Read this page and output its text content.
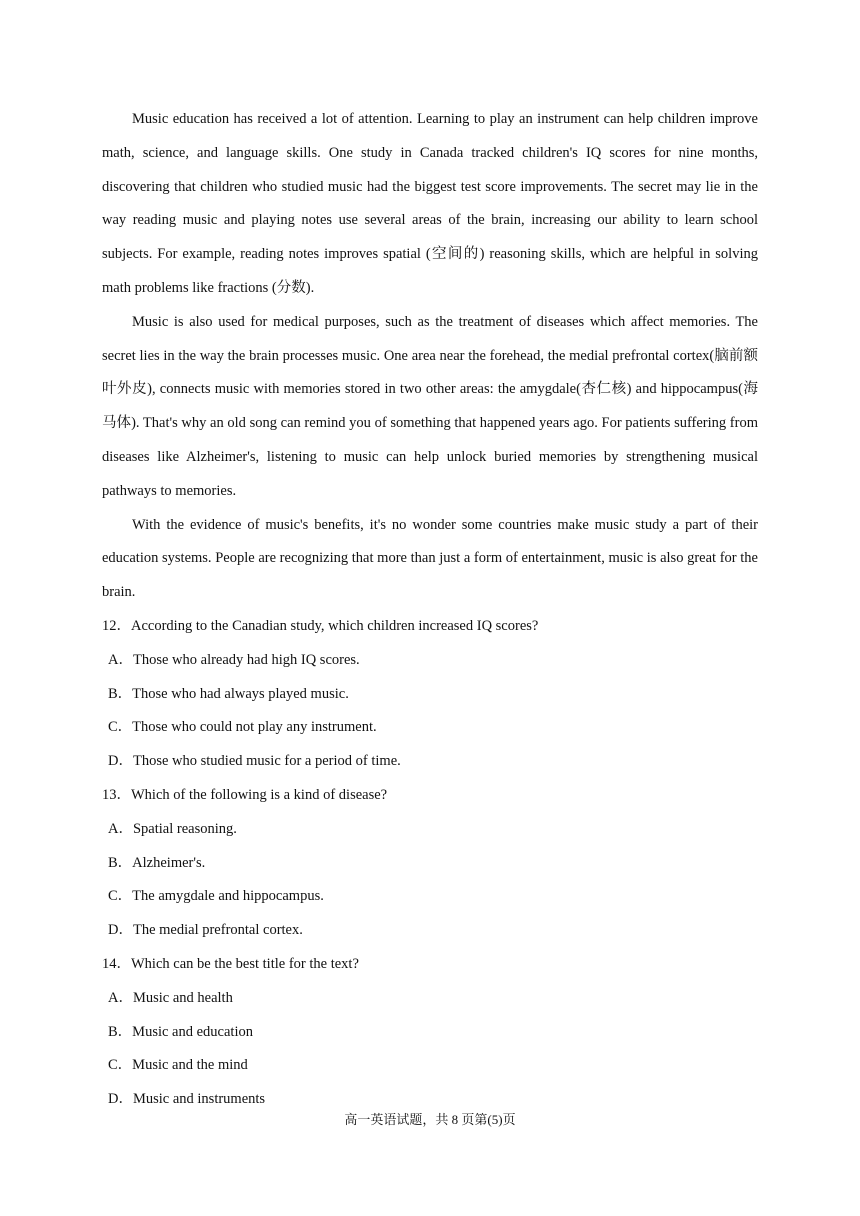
Music education has received a lot of attention. Learning to play an instrument can help children improve math, science, and language skills. One study in Canada tracked children's IQ scores for nine months, discovering that children who studied music had the biggest test score improvements. The secret may lie in the way reading music and playing notes use several areas of the brain, increasing our ability to learn school subjects. For example, reading notes improves spatial (空间的) reasoning skills, which are helpful in solving math problems like fractions (分数).

Music is also used for medical purposes, such as the treatment of diseases which affect memories. The secret lies in the way the brain processes music. One area near the forehead, the medial prefrontal cortex(脑前额叶外皮), connects music with memories stored in two other areas: the amygdale(杏仁核) and hippocampus(海马体). That's why an old song can remind you of something that happened years ago. For patients suffering from diseases like Alzheimer's, listening to music can help unlock buried memories by strengthening musical pathways to memories.

With the evidence of music's benefits, it's no wonder some countries make music study a part of their education systems. People are recognizing that more than just a form of entertainment, music is also great for the brain.

12．According to the Canadian study, which children increased IQ scores?

A．Those who already had high IQ scores.
B．Those who had always played music.
C．Those who could not play any instrument.
D．Those who studied music for a period of time.

13．Which of the following is a kind of disease?

A．Spatial reasoning.
B．Alzheimer's.
C．The amygdale and hippocampus.
D．The medial prefrontal cortex.

14．Which can be the best title for the text?

A．Music and health
B．Music and education
C．Music and the mind
D．Music and instruments
高一英语试题，共 8 页第(5)页
